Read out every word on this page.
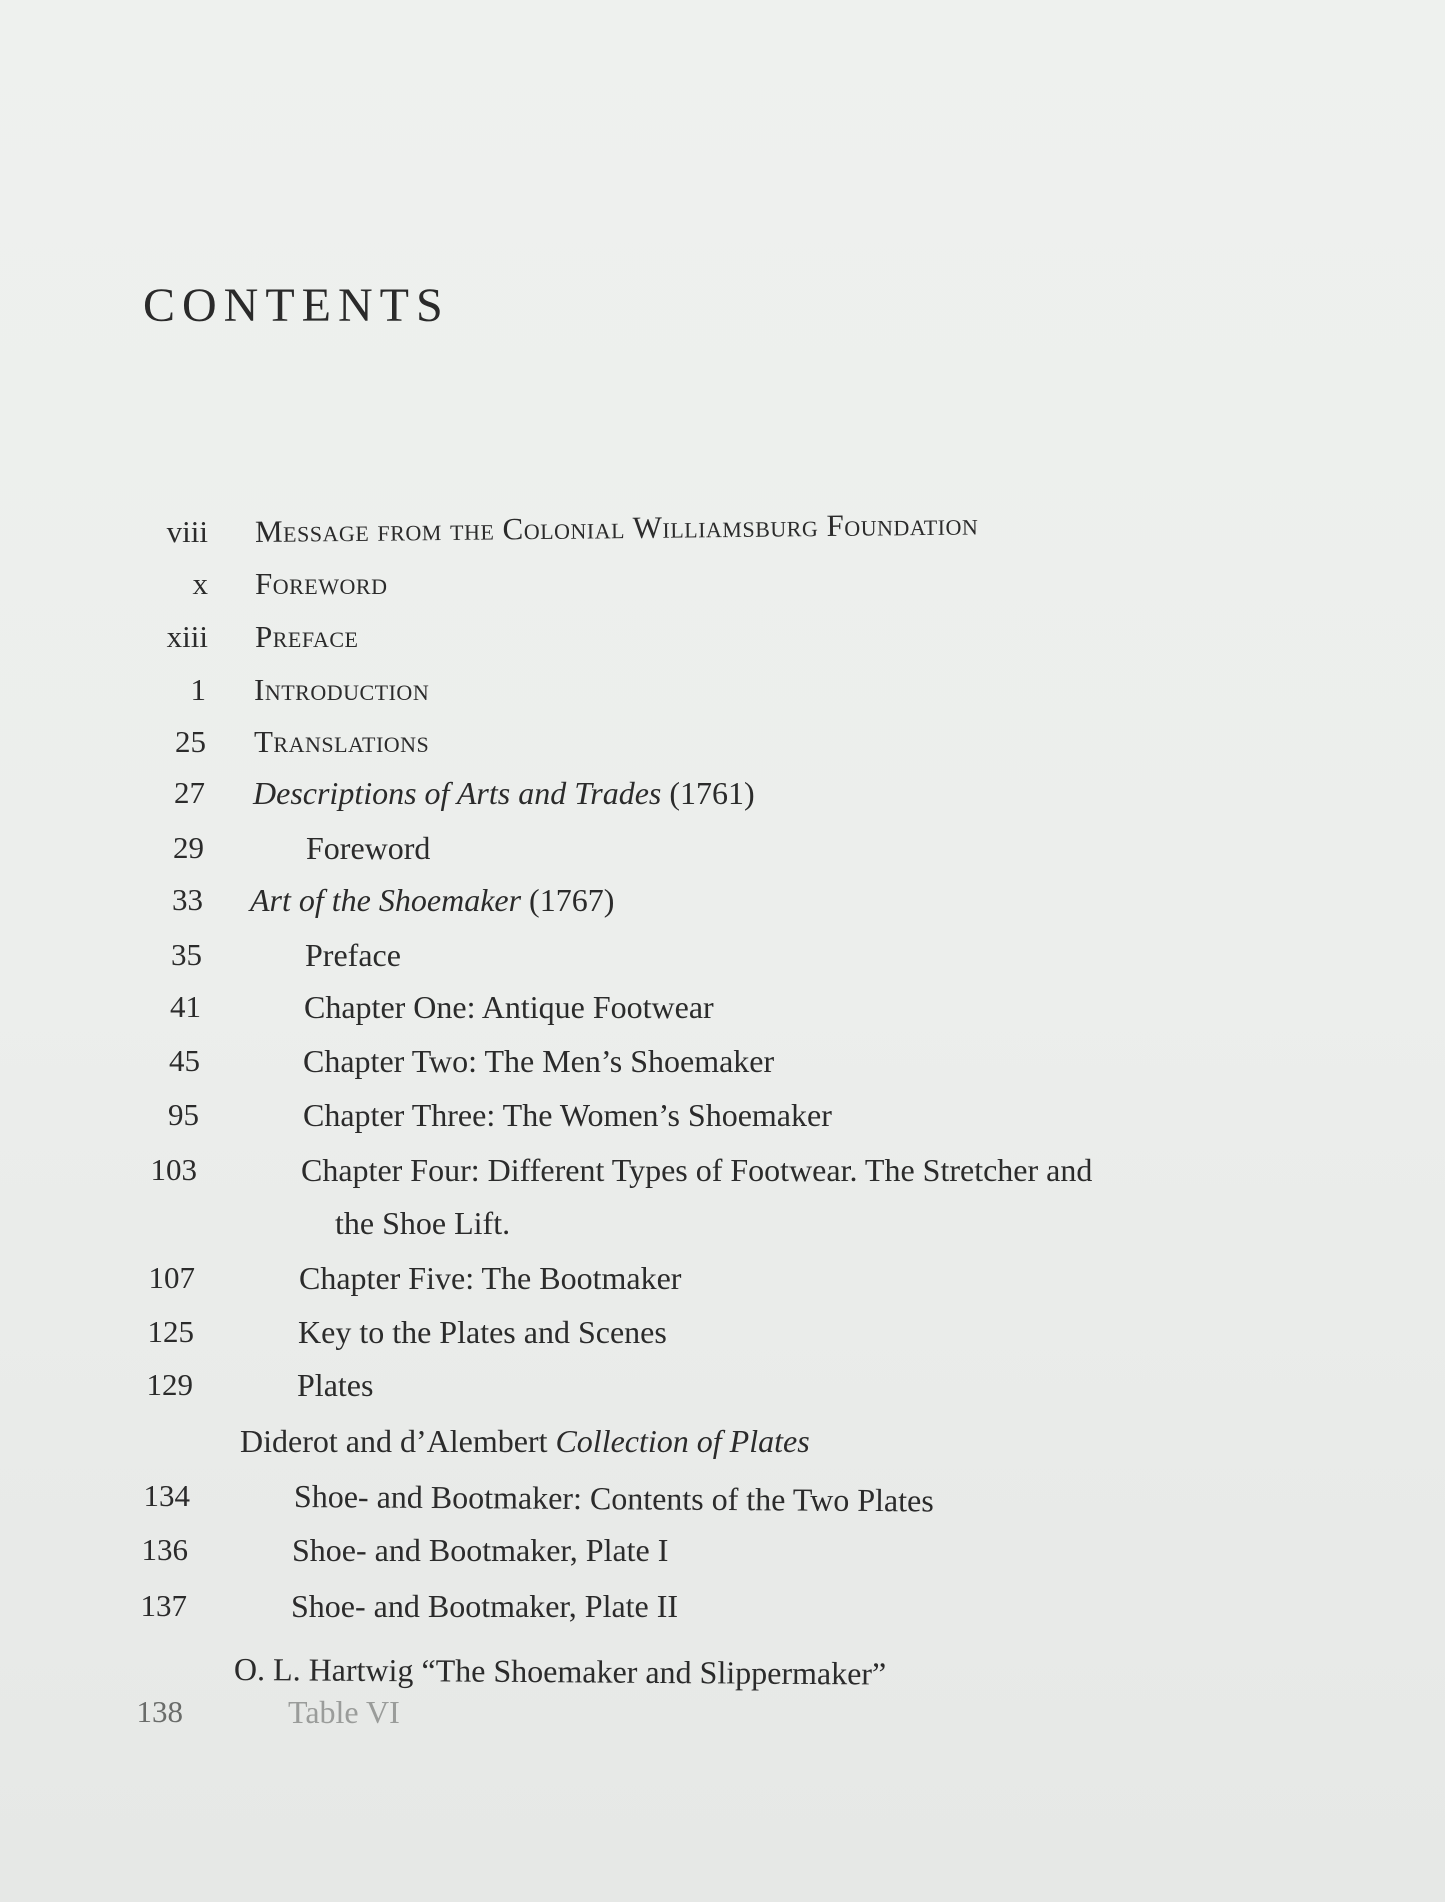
CONTENTS
viii Message from the Colonial Williamsburg Foundation
x Foreword
xiii Preface
1 Introduction
25 Translations
27 Descriptions of Arts and Trades (1761)
29	Foreword
33 Art of the Shoemaker (1767)
35	Preface
41	Chapter One: Antique Footwear
45	Chapter Two: The Men’s Shoemaker
95	Chapter Three: The Women’s Shoemaker
103	Chapter Four: Different Types of Footwear. The Stretcher and
the Shoe Lift.
107	Chapter Five: The Bootmaker
125	Key to the Plates and Scenes
129	Plates
Diderot and d’Alembert Collection of Plates
134	Shoe- and Bootmaker: Contents of the Two Plates
136	Shoe- and Bootmaker, Plate I
137	Shoe- and Bootmaker, Plate II
O. L. Hartwig “The Shoemaker and Slippermaker”
138	Table VI
